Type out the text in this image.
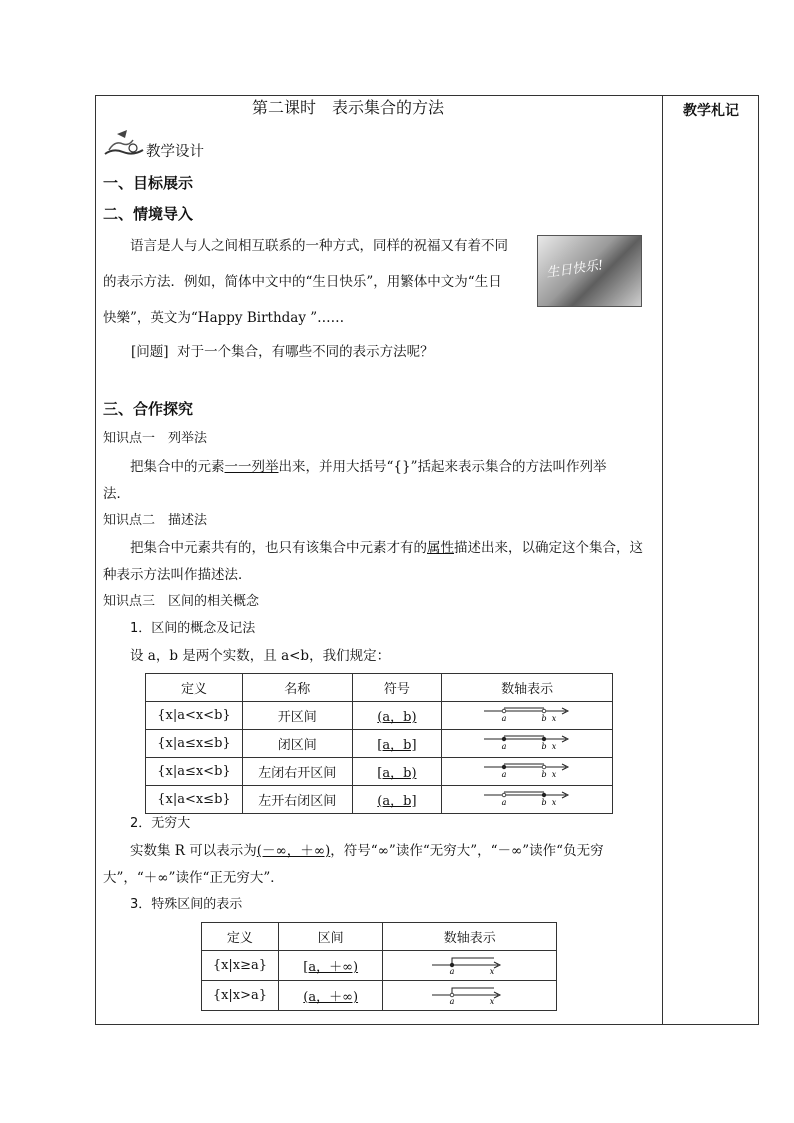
教学札记
第二课时　表示集合的方法
教学设计
一、目标展示
二、情境导入
语言是人与人之间相互联系的一种方式，同样的祝福又有着不同
的表示方法．例如，简体中文中的“生日快乐”，用繁体中文为“生日
快樂”，英文为“Happy Birthday ”……
生日快乐!
[问题] 对于一个集合，有哪些不同的表示方法呢？
三、合作探究
知识点一　列举法
把集合中的元素一一列举出来，并用大括号“{}”括起来表示集合的方法叫作列举
法．
知识点二　描述法
把集合中元素共有的，也只有该集合中元素才有的属性描述出来，以确定这个集合，这
种表示方法叫作描述法．
知识点三　区间的相关概念
1．区间的概念及记法
设 a，b 是两个实数，且 a<b，我们规定：
定义	名称	符号	数轴表示
{x|a<x<b}	开区间	(a，b)	a b x

{x|a≤x≤b}	闭区间	[a，b]	a b x

{x|a≤x<b}	左闭右开区间	[a，b)	a b x

{x|a<x≤b}	左开右闭区间	(a，b]	a b x
2．无穷大
实数集 R 可以表示为(－∞，＋∞)，符号“∞”读作“无穷大”，“－∞”读作“负无穷
大”，“＋∞”读作“正无穷大”．
3．特殊区间的表示
定义	区间	数轴表示
{x|x≥a}	[a，＋∞)	a x

{x|x>a}	(a，＋∞)	a x
